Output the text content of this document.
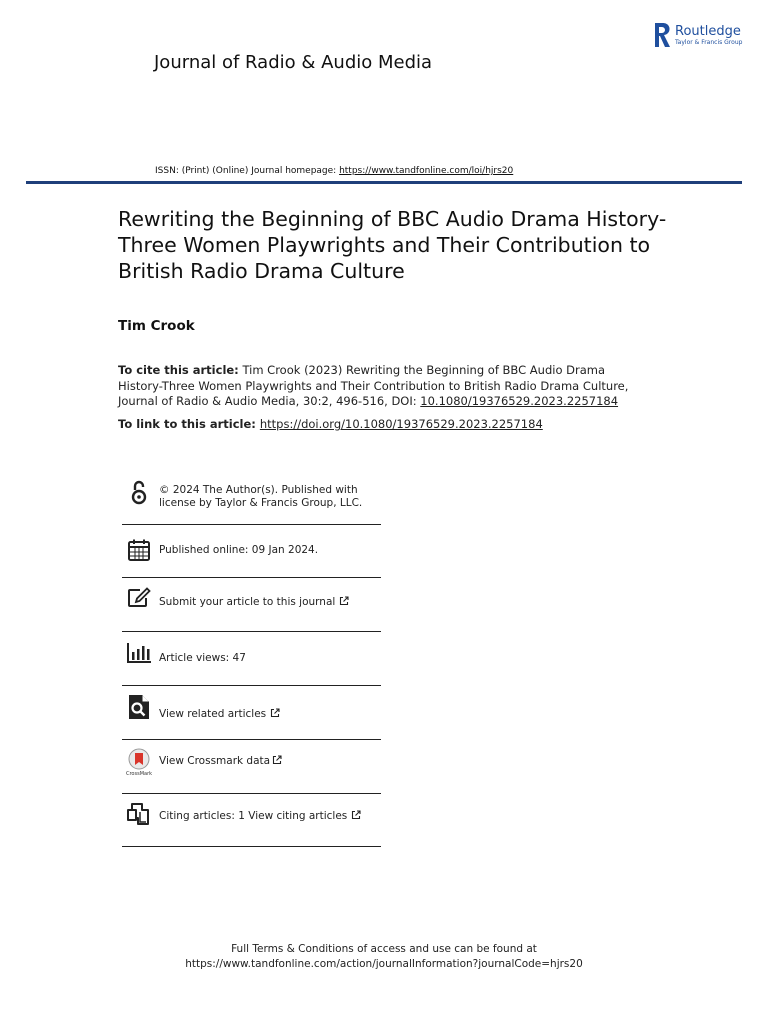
Journal of Radio & Audio Media
Routledge
Taylor & Francis Group
ISSN: (Print) (Online) Journal homepage: https://www.tandfonline.com/loi/hjrs20
Rewriting the Beginning of BBC Audio Drama History- Three Women Playwrights and Their Contribution to British Radio Drama Culture
Tim Crook
To cite this article: Tim Crook (2023) Rewriting the Beginning of BBC Audio Drama History-Three Women Playwrights and Their Contribution to British Radio Drama Culture, Journal of Radio & Audio Media, 30:2, 496-516, DOI: 10.1080/19376529.2023.2257184
To link to this article: https://doi.org/10.1080/19376529.2023.2257184
© 2024 The Author(s). Published with license by Taylor & Francis Group, LLC.
Published online: 09 Jan 2024.
Submit your article to this journal
Article views: 47
View related articles
CrossMark
View Crossmark data
Citing articles: 1 View citing articles
Full Terms & Conditions of access and use can be found at
https://www.tandfonline.com/action/journalInformation?journalCode=hjrs20
